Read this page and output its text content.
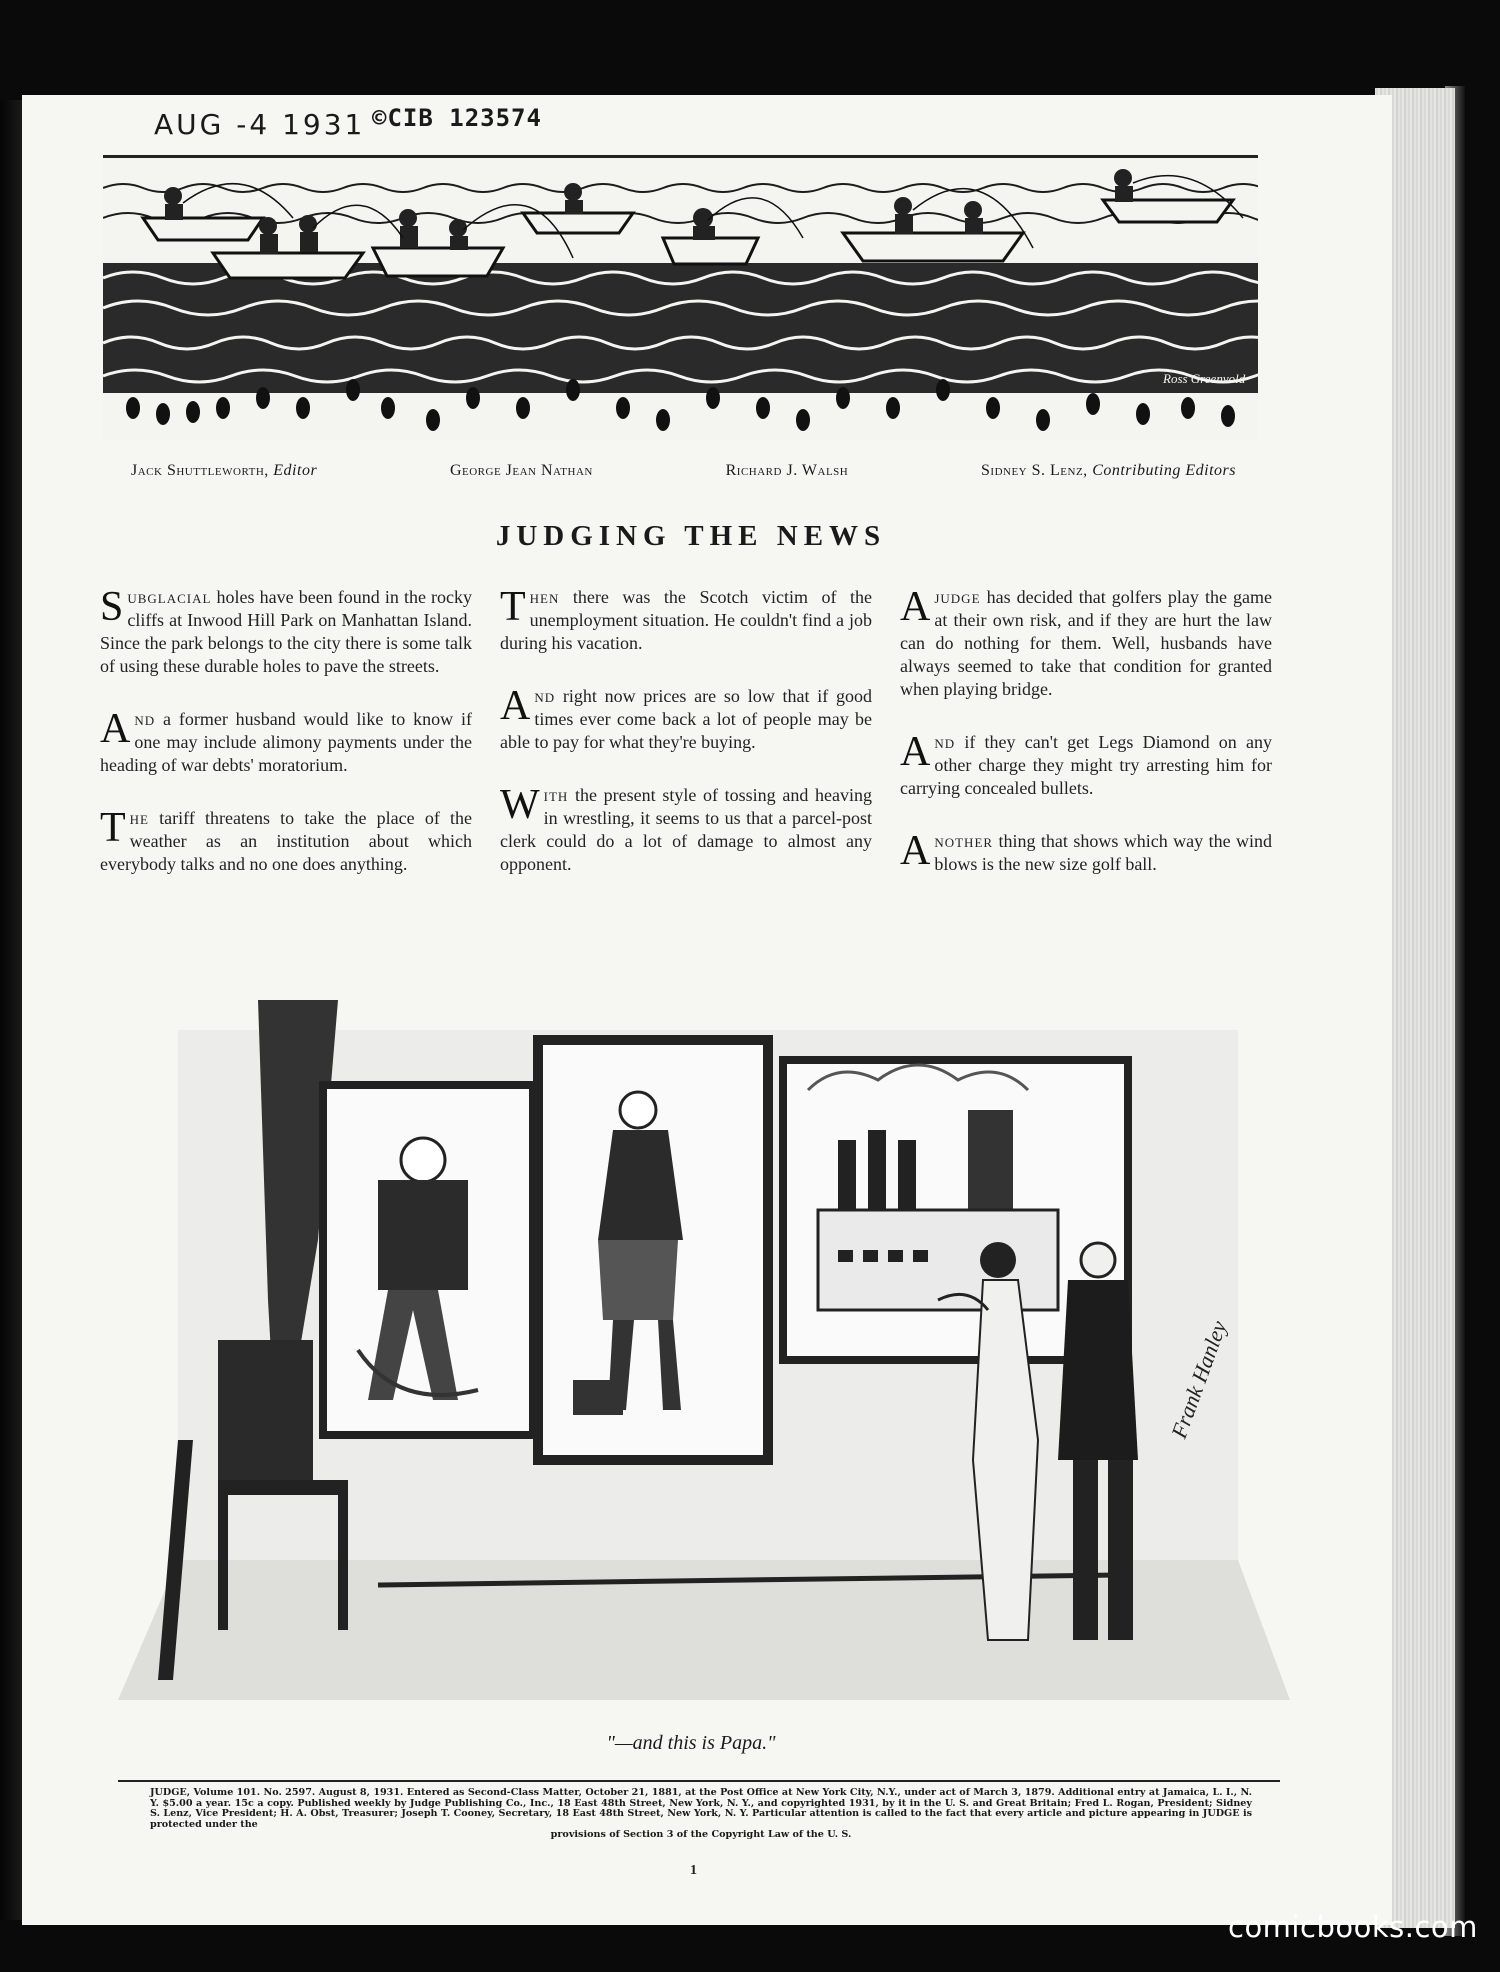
AUG -4 1931 ©CIB 123574
Ross Greenvold
Jack Shuttleworth, Editor	George Jean Nathan	Richard J. Walsh	Sidney S. Lenz, Contributing Editors
JUDGING THE NEWS

Subglacial holes have been found in the rocky cliffs at Inwood Hill Park on Manhattan Island. Since the park belongs to the city there is some talk of using these durable holes to pave the streets.

And a former husband would like to know if one may include alimony payments under the heading of war debts' moratorium.

The tariff threatens to take the place of the weather as an institution about which everybody talks and no one does anything.

Then there was the Scotch victim of the unemployment situation. He couldn't find a job during his vacation.

And right now prices are so low that if good times ever come back a lot of people may be able to pay for what they're buying.

With the present style of tossing and heaving in wrestling, it seems to us that a parcel-post clerk could do a lot of damage to almost any opponent.

A judge has decided that golfers play the game at their own risk, and if they are hurt the law can do nothing for them. Well, husbands have always seemed to take that condition for granted when playing bridge.

And if they can't get Legs Diamond on any other charge they might try arresting him for carrying concealed bullets.

Another thing that shows which way the wind blows is the new size golf ball.

Frank Hanley
"—and this is Papa."
JUDGE, Volume 101. No. 2597. August 8, 1931. Entered as Second-Class Matter, October 21, 1881, at the Post Office at New York City, N.Y., under act of March 3, 1879. Additional entry at Jamaica, L. I., N. Y. $5.00 a year. 15c a copy. Published weekly by Judge Publishing Co., Inc., 18 East 48th Street, New York, N. Y., and copyrighted 1931, by it in the U. S. and Great Britain; Fred L. Rogan, President; Sidney S. Lenz, Vice President; H. A. Obst, Treasurer; Joseph T. Cooney, Secretary, 18 East 48th Street, New York, N. Y. Particular attention is called to the fact that every article and picture appearing in JUDGE is protected under the
provisions of Section 3 of the Copyright Law of the U. S.
1
comicbooks.com
